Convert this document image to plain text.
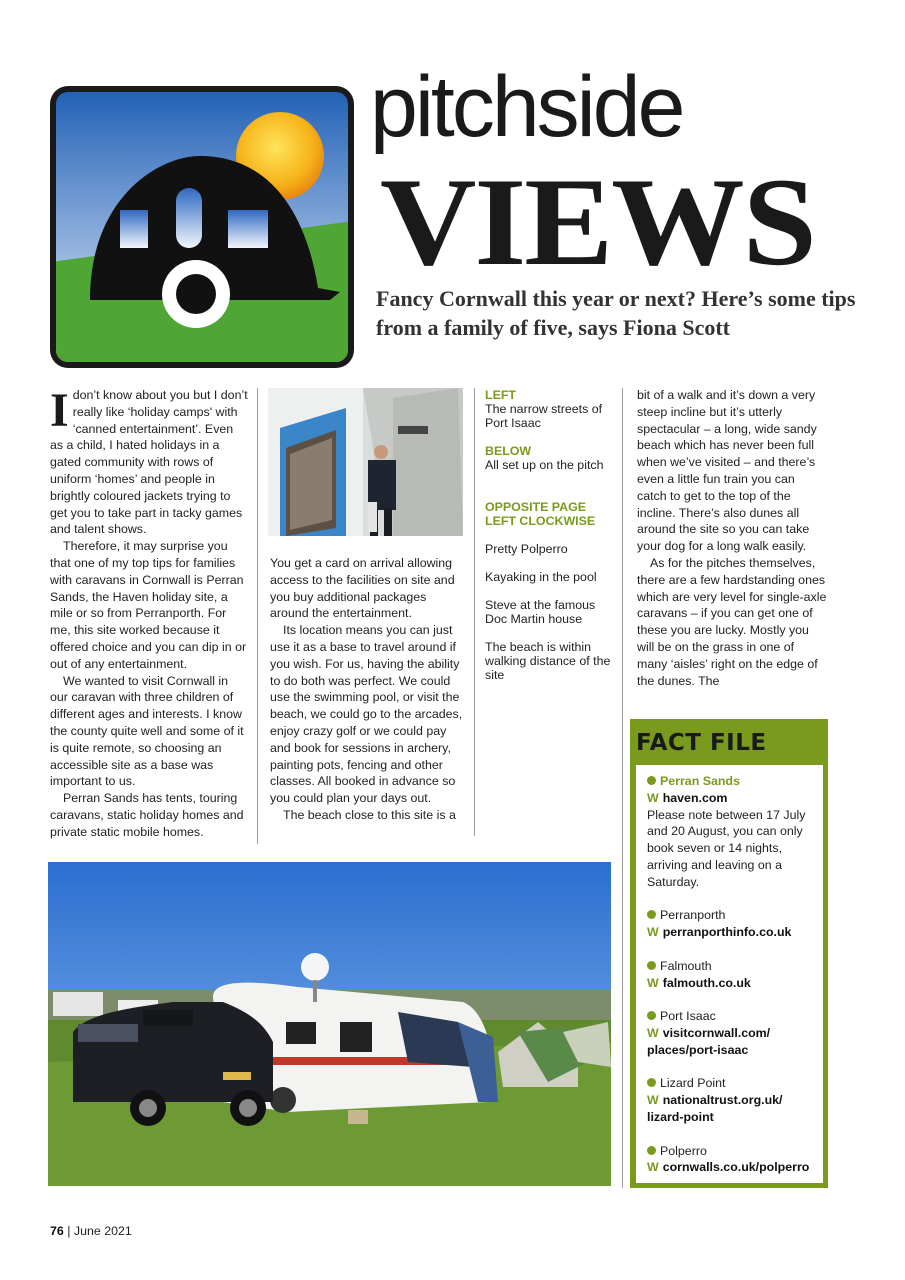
pitchside
VIEWS
Fancy Cornwall this year or next? Here’s some tips from a family of five, says Fiona Scott

Idon’t know about you but I don’t really like ‘holiday camps' with ‘canned entertainment’. Even as a child, I hated holidays in a gated community with rows of uniform ‘homes’ and people in brightly coloured jackets trying to get you to take part in tacky games and talent shows.

Therefore, it may surprise you that one of my top tips for families with caravans in Cornwall is Perran Sands, the Haven holiday site, a mile or so from Perranporth. For me, this site worked because it offered choice and you can dip in or out of any entertainment.

We wanted to visit Cornwall in our caravan with three children of different ages and interests. I know the county quite well and some of it is quite remote, so choosing an accessible site as a base was important to us.

Perran Sands has tents, touring caravans, static holiday homes and private static mobile homes.

You get a card on arrival allowing access to the facilities on site and you buy additional packages around the entertainment.

Its location means you can just use it as a base to travel around if you wish. For us, having the ability to do both was perfect. We could use the swimming pool, or visit the beach, we could go to the arcades, enjoy crazy golf or we could pay and book for sessions in archery, painting pots, fencing and other classes. All booked in advance so you could plan your days out.

The beach close to this site is a

LEFT
The narrow streets of Port Isaac
BELOW
All set up on the pitch
OPPOSITE PAGE LEFT CLOCKWISE
Pretty Polperro
Kayaking in the pool
Steve at the famous Doc Martin house
The beach is within walking distance of the site

bit of a walk and it’s down a very steep incline but it’s utterly spectacular – a long, wide sandy beach which has never been full when we’ve visited – and there’s even a little fun train you can catch to get to the top of the incline. There’s also dunes all around the site so you can take your dog for a long walk easily.

As for the pitches themselves, there are a few hardstanding ones which are very level for single-axle caravans – if you can get one of these you are lucky. Mostly you will be on the grass in one of many ‘aisles’ right on the edge of the dunes. The

FACT FILE
Perran Sands
W haven.com
Please note between 17 July and 20 August, you can only book seven or 14 nights, arriving and leaving on a Saturday.
Perranporth
W perranporthinfo.co.uk
Falmouth
W falmouth.co.uk
Port Isaac
W visitcornwall.com/ places/port-isaac
Lizard Point
W nationaltrust.org.uk/ lizard-point
Polperro
W cornwalls.co.uk/polperro
76 | June 2021
